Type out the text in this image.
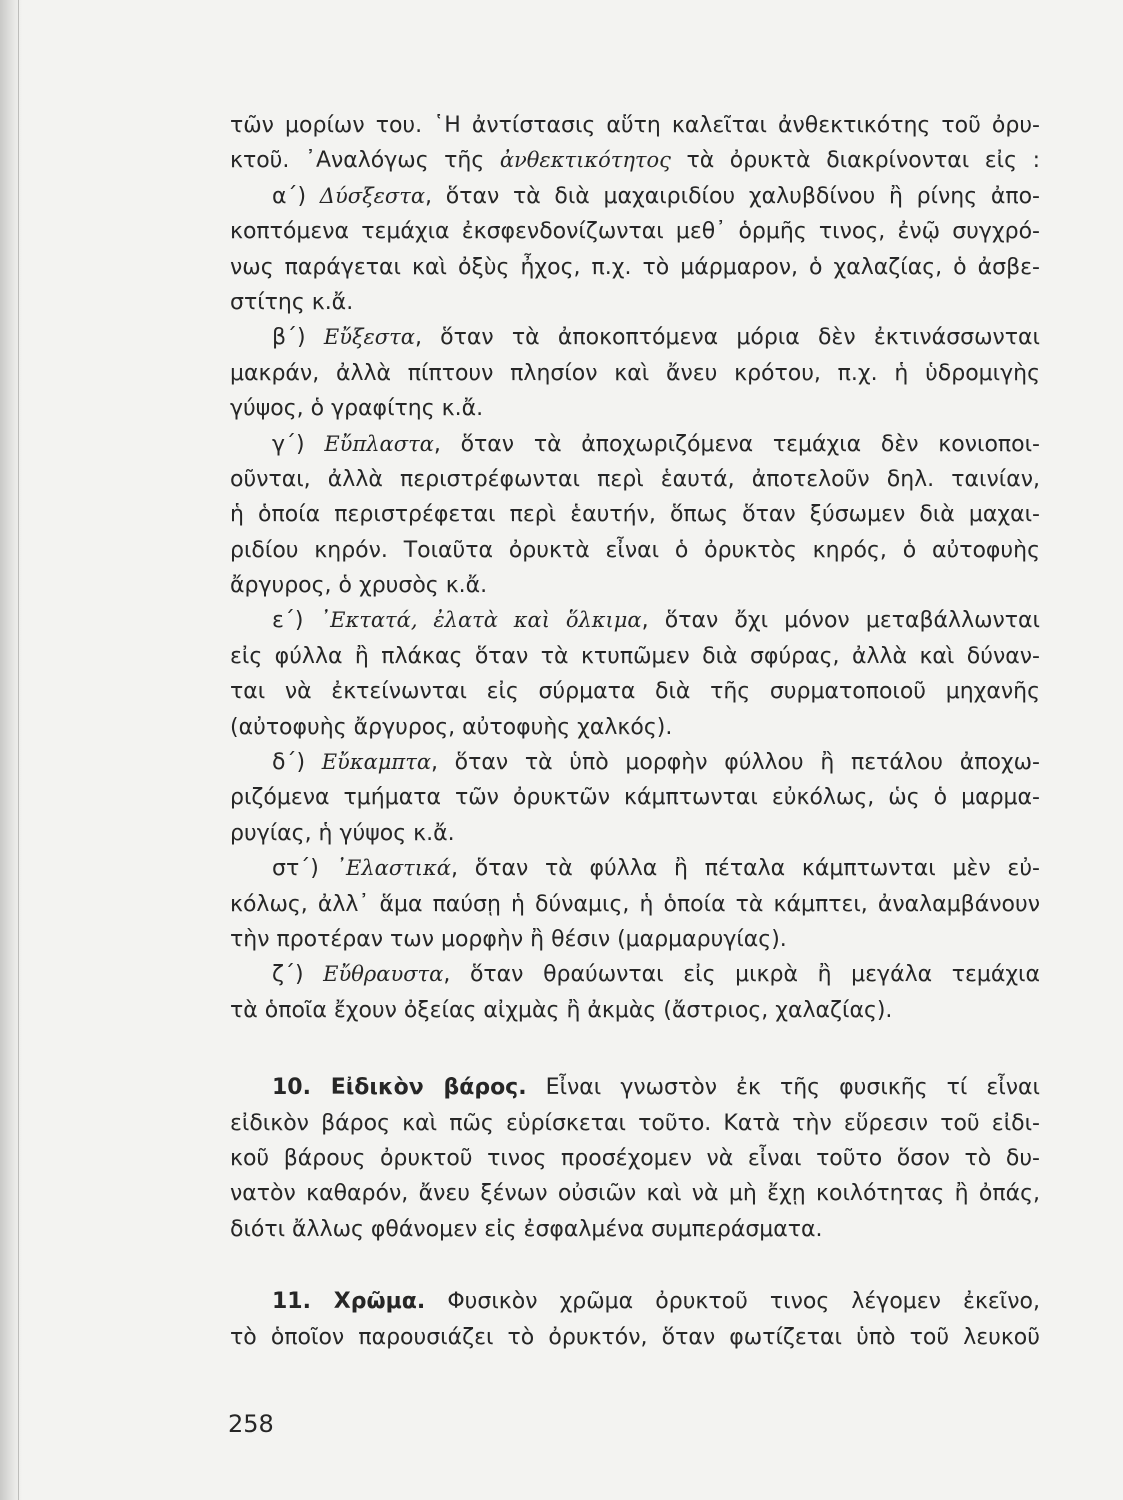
τῶν μορίων του. ῾Η ἀντίστασις αὕτη καλεῖται ἀνθεκτικότης τοῦ ὀρυ-
κτοῦ. ᾿Αναλόγως τῆς ἀνθεκτικότητος τὰ ὀρυκτὰ διακρίνονται εἰς :
α΄) Δύσξεστα, ὅταν τὰ διὰ μαχαιριδίου χαλυβδίνου ἢ ρίνης ἀπο-
κοπτόμενα τεμάχια ἐκσφενδονίζωνται μεθ᾿ ὁρμῆς τινος, ἐνῷ συγχρό-
νως παράγεται καὶ ὀξὺς ἦχος, π.χ. τὸ μάρμαρον, ὁ χαλαζίας, ὁ ἀσβε-
στίτης κ.ἄ.
β΄) Εὔξεστα, ὅταν τὰ ἀποκοπτόμενα μόρια δὲν ἐκτινάσσωνται
μακράν, ἀλλὰ πίπτουν πλησίον καὶ ἄνευ κρότου, π.χ. ἡ ὑδρομιγὴς
γύψος, ὁ γραφίτης κ.ἄ.
γ΄) Εὔπλαστα, ὅταν τὰ ἀποχωριζόμενα τεμάχια δὲν κονιοποι-
οῦνται, ἀλλὰ περιστρέφωνται περὶ ἑαυτά, ἀποτελοῦν δηλ. ταινίαν,
ἡ ὁποία περιστρέφεται περὶ ἑαυτήν, ὅπως ὅταν ξύσωμεν διὰ μαχαι-
ριδίου κηρόν. Τοιαῦτα ὀρυκτὰ εἶναι ὁ ὀρυκτὸς κηρός, ὁ αὐτοφυὴς
ἄργυρος, ὁ χρυσὸς κ.ἄ.
ε΄) ᾿Εκτατά, ἐλατὰ καὶ ὅλκιμα, ὅταν ὄχι μόνον μεταβάλλωνται
εἰς φύλλα ἢ πλάκας ὅταν τὰ κτυπῶμεν διὰ σφύρας, ἀλλὰ καὶ δύναν-
ται νὰ ἐκτείνωνται εἰς σύρματα διὰ τῆς συρματοποιοῦ μηχανῆς
(αὐτοφυὴς ἄργυρος, αὐτοφυὴς χαλκός).
δ΄) Εὔκαμπτα, ὅταν τὰ ὑπὸ μορφὴν φύλλου ἢ πετάλου ἀποχω-
ριζόμενα τμήματα τῶν ὀρυκτῶν κάμπτωνται εὐκόλως, ὡς ὁ μαρμα-
ρυγίας, ἡ γύψος κ.ἄ.
στ΄) ᾿Ελαστικά, ὅταν τὰ φύλλα ἢ πέταλα κάμπτωνται μὲν εὐ-
κόλως, ἀλλ᾿ ἅμα παύσῃ ἡ δύναμις, ἡ ὁποία τὰ κάμπτει, ἀναλαμβάνουν
τὴν προτέραν των μορφὴν ἢ θέσιν (μαρμαρυγίας).
ζ΄) Εὔθραυστα, ὅταν θραύωνται εἰς μικρὰ ἢ μεγάλα τεμάχια
τὰ ὁποῖα ἔχουν ὀξείας αἰχμὰς ἢ ἀκμὰς (ἄστριος, χαλαζίας).
10. Εἰδικὸν βάρος. Εἶναι γνωστὸν ἐκ τῆς φυσικῆς τί εἶναι
εἰδικὸν βάρος καὶ πῶς εὑρίσκεται τοῦτο. Κατὰ τὴν εὕρεσιν τοῦ εἰδι-
κοῦ βάρους ὀρυκτοῦ τινος προσέχομεν νὰ εἶναι τοῦτο ὅσον τὸ δυ-
νατὸν καθαρόν, ἄνευ ξένων οὐσιῶν καὶ νὰ μὴ ἔχῃ κοιλότητας ἢ ὀπάς,
διότι ἄλλως φθάνομεν εἰς ἐσφαλμένα συμπεράσματα.
11. Χρῶμα. Φυσικὸν χρῶμα ὀρυκτοῦ τινος λέγομεν ἐκεῖνο,
τὸ ὁποῖον παρουσιάζει τὸ ὀρυκτόν, ὅταν φωτίζεται ὑπὸ τοῦ λευκοῦ
258
